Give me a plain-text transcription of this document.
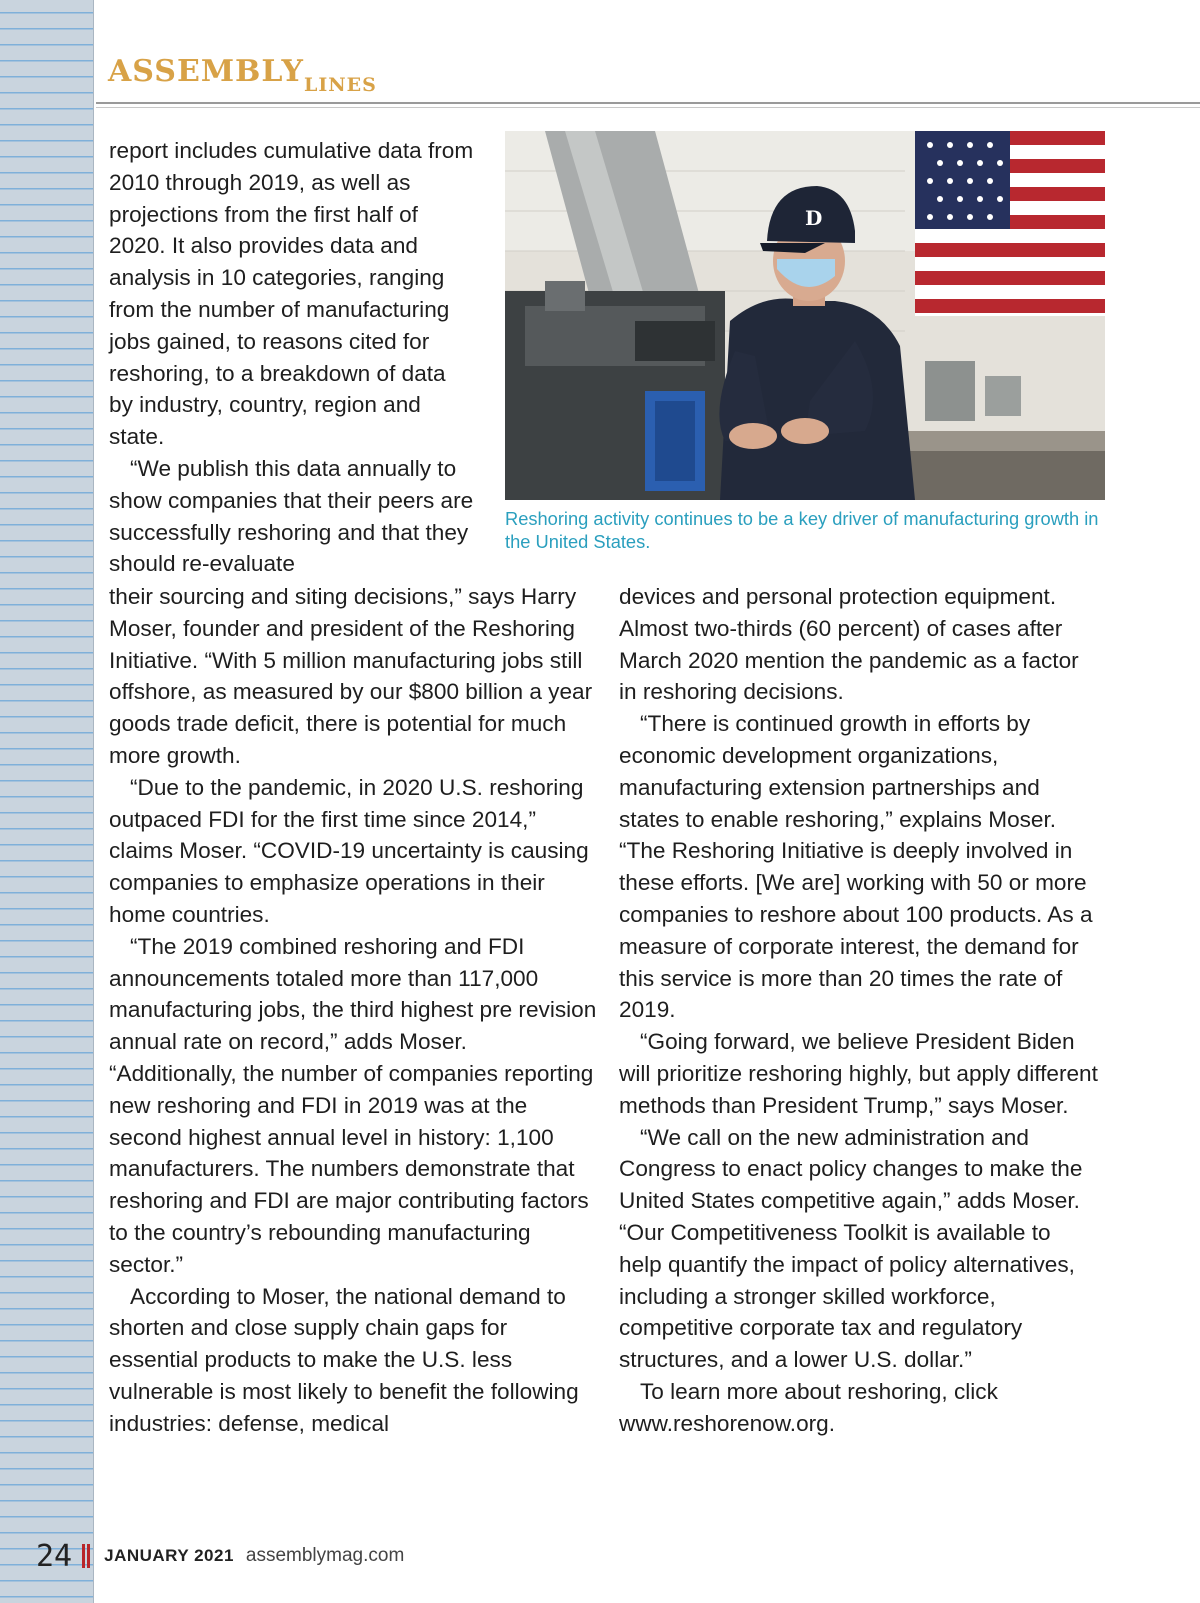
ASSEMBLYLINES
D
Reshoring activity continues to be a key driver of manufacturing growth in the United States.

report includes cumulative data from 2010 through 2019, as well as projections from the first half of 2020. It also provides data and analysis in 10 categories, ranging from the number of manufacturing jobs gained, to reasons cited for reshoring, to a breakdown of data by industry, country, region and state.

“We publish this data annually to show companies that their peers are successfully reshoring and that they should re-evaluate

their sourcing and siting decisions,” says Harry Moser, founder and president of the Reshoring Initiative. “With 5 million manufacturing jobs still offshore, as measured by our $800 billion a year goods trade deficit, there is potential for much more growth.

“Due to the pandemic, in 2020 U.S. reshoring outpaced FDI for the first time since 2014,” claims Moser. “COVID-19 uncertainty is causing companies to emphasize operations in their home countries.

“The 2019 combined reshoring and FDI announcements totaled more than 117,000 manufacturing jobs, the third highest pre revision annual rate on record,” adds Moser. “Additionally, the number of companies reporting new reshoring and FDI in 2019 was at the second highest annual level in history: 1,100 manufacturers. The numbers demonstrate that reshoring and FDI are major contributing factors to the country’s rebounding manufacturing sector.”

According to Moser, the national demand to shorten and close supply chain gaps for essential products to make the U.S. less vulnerable is most likely to benefit the following industries: defense, medical

devices and personal protection equipment. Almost two-thirds (60 percent) of cases after March 2020 mention the pandemic as a factor in reshoring decisions.

“There is continued growth in efforts by economic development organizations, manufacturing extension partnerships and states to enable reshoring,” explains Moser. “The Reshoring Initiative is deeply involved in these efforts. [We are] working with 50 or more companies to reshore about 100 products. As a measure of corporate interest, the demand for this service is more than 20 times the rate of 2019.

“Going forward, we believe President Biden will prioritize reshoring highly, but apply different methods than President Trump,” says Moser.

“We call on the new administration and Congress to enact policy changes to make the United States competitive again,” adds Moser. “Our Competitiveness Toolkit is available to help quantify the impact of policy alternatives, including a stronger skilled workforce, competitive corporate tax and regulatory structures, and a lower U.S. dollar.”

To learn more about reshoring, click www.reshorenow.org.

24 JANUARY 2021 assemblymag.com
